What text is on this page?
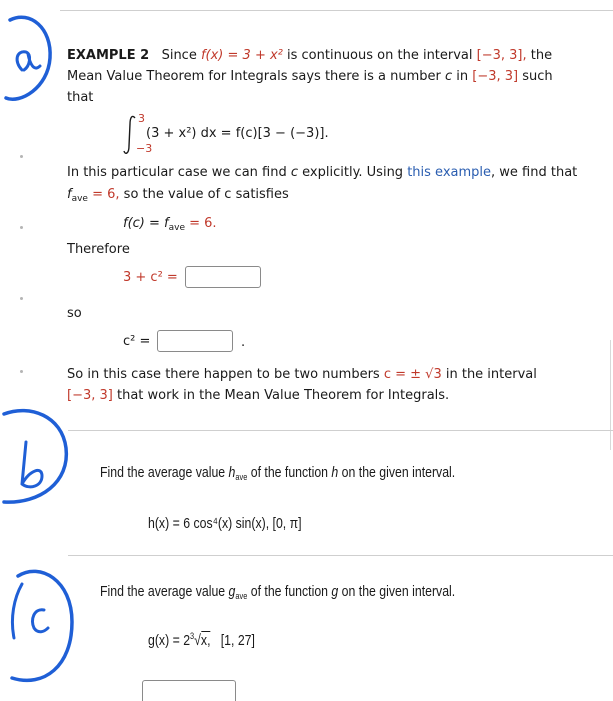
EXAMPLE 2 Since f(x) = 3 + x² is continuous on the interval [−3, 3], the
Mean Value Theorem for Integrals says there is a number c in [−3, 3] such
that
3
−3
(3 + x²) dx = f(c)[3 − (−3)].
In this particular case we can find c explicitly. Using this example, we find that
$f_{ave} = 6$, so the value of c satisfies
$f(c) = f_{ave} = 6$.
Therefore
3 + c² =
so
c² =	.
So in this case there happen to be two numbers c = ± √3 in the interval
[−3, 3] that work in the Mean Value Theorem for Integrals.
Find the average value $h_{ave}$ of the function h on the given interval.
h(x) = 6 cos⁴(x) sin(x), [0, π]
Find the average value $g_{ave}$ of the function g on the given interval.
$g(x) = 2^3√x$, [1, 27]
